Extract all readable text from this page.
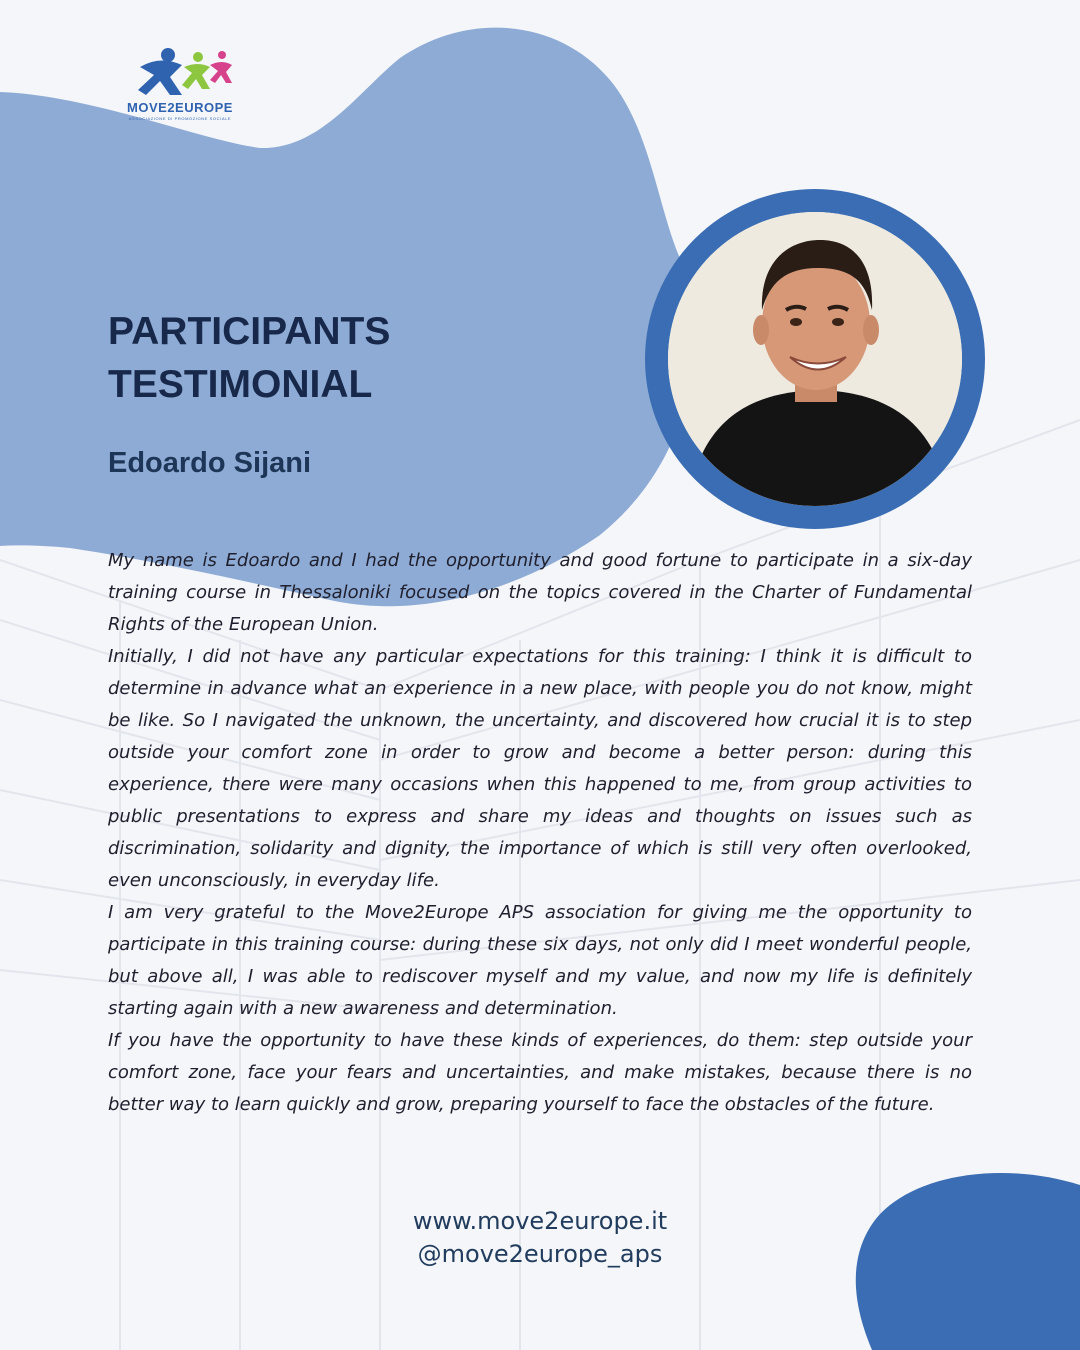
MOVE2EUROPE
ASSOCIAZIONE DI PROMOZIONE SOCIALE
PARTICIPANTS
TESTIMONIAL
Edoardo Sijani

My name is Edoardo and I had the opportunity and good fortune to participate in a six-day training course in Thessaloniki focused on the topics covered in the Charter of Fundamental Rights of the European Union.

Initially, I did not have any particular expectations for this training: I think it is difficult to determine in advance what an experience in a new place, with people you do not know, might be like. So I navigated the unknown, the uncertainty, and discovered how crucial it is to step outside your comfort zone in order to grow and become a better person: during this experience, there were many occasions when this happened to me, from group activities to public presentations to express and share my ideas and thoughts on issues such as discrimination, solidarity and dignity, the importance of which is still very often overlooked, even unconsciously, in everyday life.

I am very grateful to the Move2Europe APS association for giving me the opportunity to participate in this training course: during these six days, not only did I meet wonderful people, but above all, I was able to rediscover myself and my value, and now my life is definitely starting again with a new awareness and determination.

If you have the opportunity to have these kinds of experiences, do them: step outside your comfort zone, face your fears and uncertainties, and make mistakes, because there is no better way to learn quickly and grow, preparing yourself to face the obstacles of the future.

www.move2europe.it
@move2europe_aps
